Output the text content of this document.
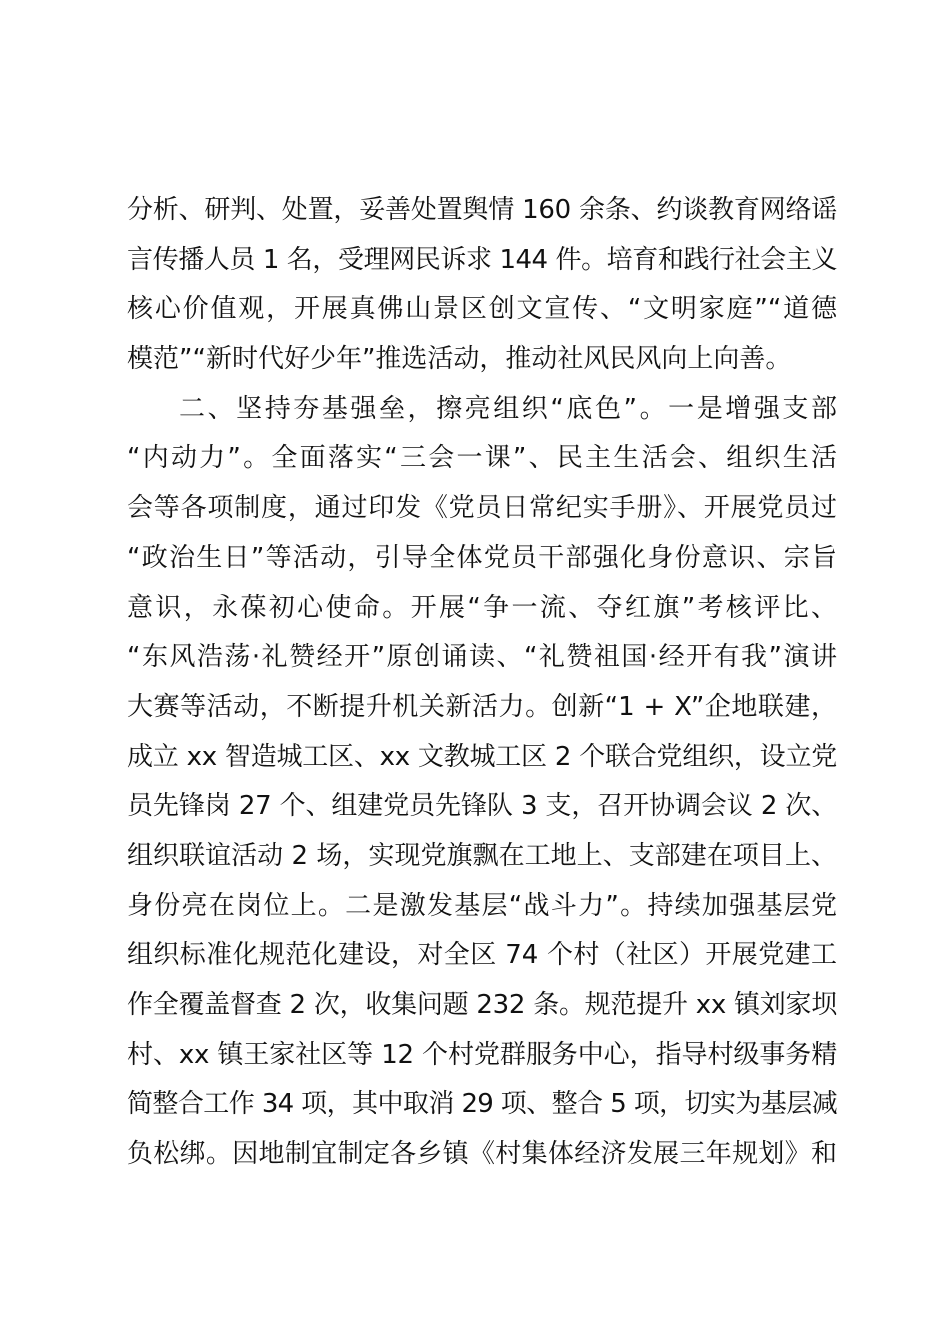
分析、研判、处置，妥善处置舆情 160 余条、约谈教育网络谣
言传播人员 1 名，受理网民诉求 144 件。培育和践行社会主义
核心价值观，开展真佛山景区创文宣传、“文明家庭”“道德
模范”“新时代好少年”推选活动，推动社风民风向上向善。
二、坚持夯基强垒，擦亮组织“底色”。一是增强支部
“内动力”。全面落实“三会一课”、民主生活会、组织生活
会等各项制度，通过印发《党员日常纪实手册》、开展党员过
“政治生日”等活动，引导全体党员干部强化身份意识、宗旨
意识，永葆初心使命。开展“争一流、夺红旗”考核评比、
“东风浩荡·礼赞经开”原创诵读、“礼赞祖国·经开有我”演讲
大赛等活动，不断提升机关新活力。创新“1 + X”企地联建，
成立 xx 智造城工区、xx 文教城工区 2 个联合党组织，设立党
员先锋岗 27 个、组建党员先锋队 3 支，召开协调会议 2 次、
组织联谊活动 2 场，实现党旗飘在工地上、支部建在项目上、
身份亮在岗位上。二是激发基层“战斗力”。持续加强基层党
组织标准化规范化建设，对全区 74 个村（社区）开展党建工
作全覆盖督查 2 次，收集问题 232 条。规范提升 xx 镇刘家坝
村、xx 镇王家社区等 12 个村党群服务中心，指导村级事务精
简整合工作 34 项，其中取消 29 项、整合 5 项，切实为基层减
负松绑。因地制宜制定各乡镇《村集体经济发展三年规划》和
